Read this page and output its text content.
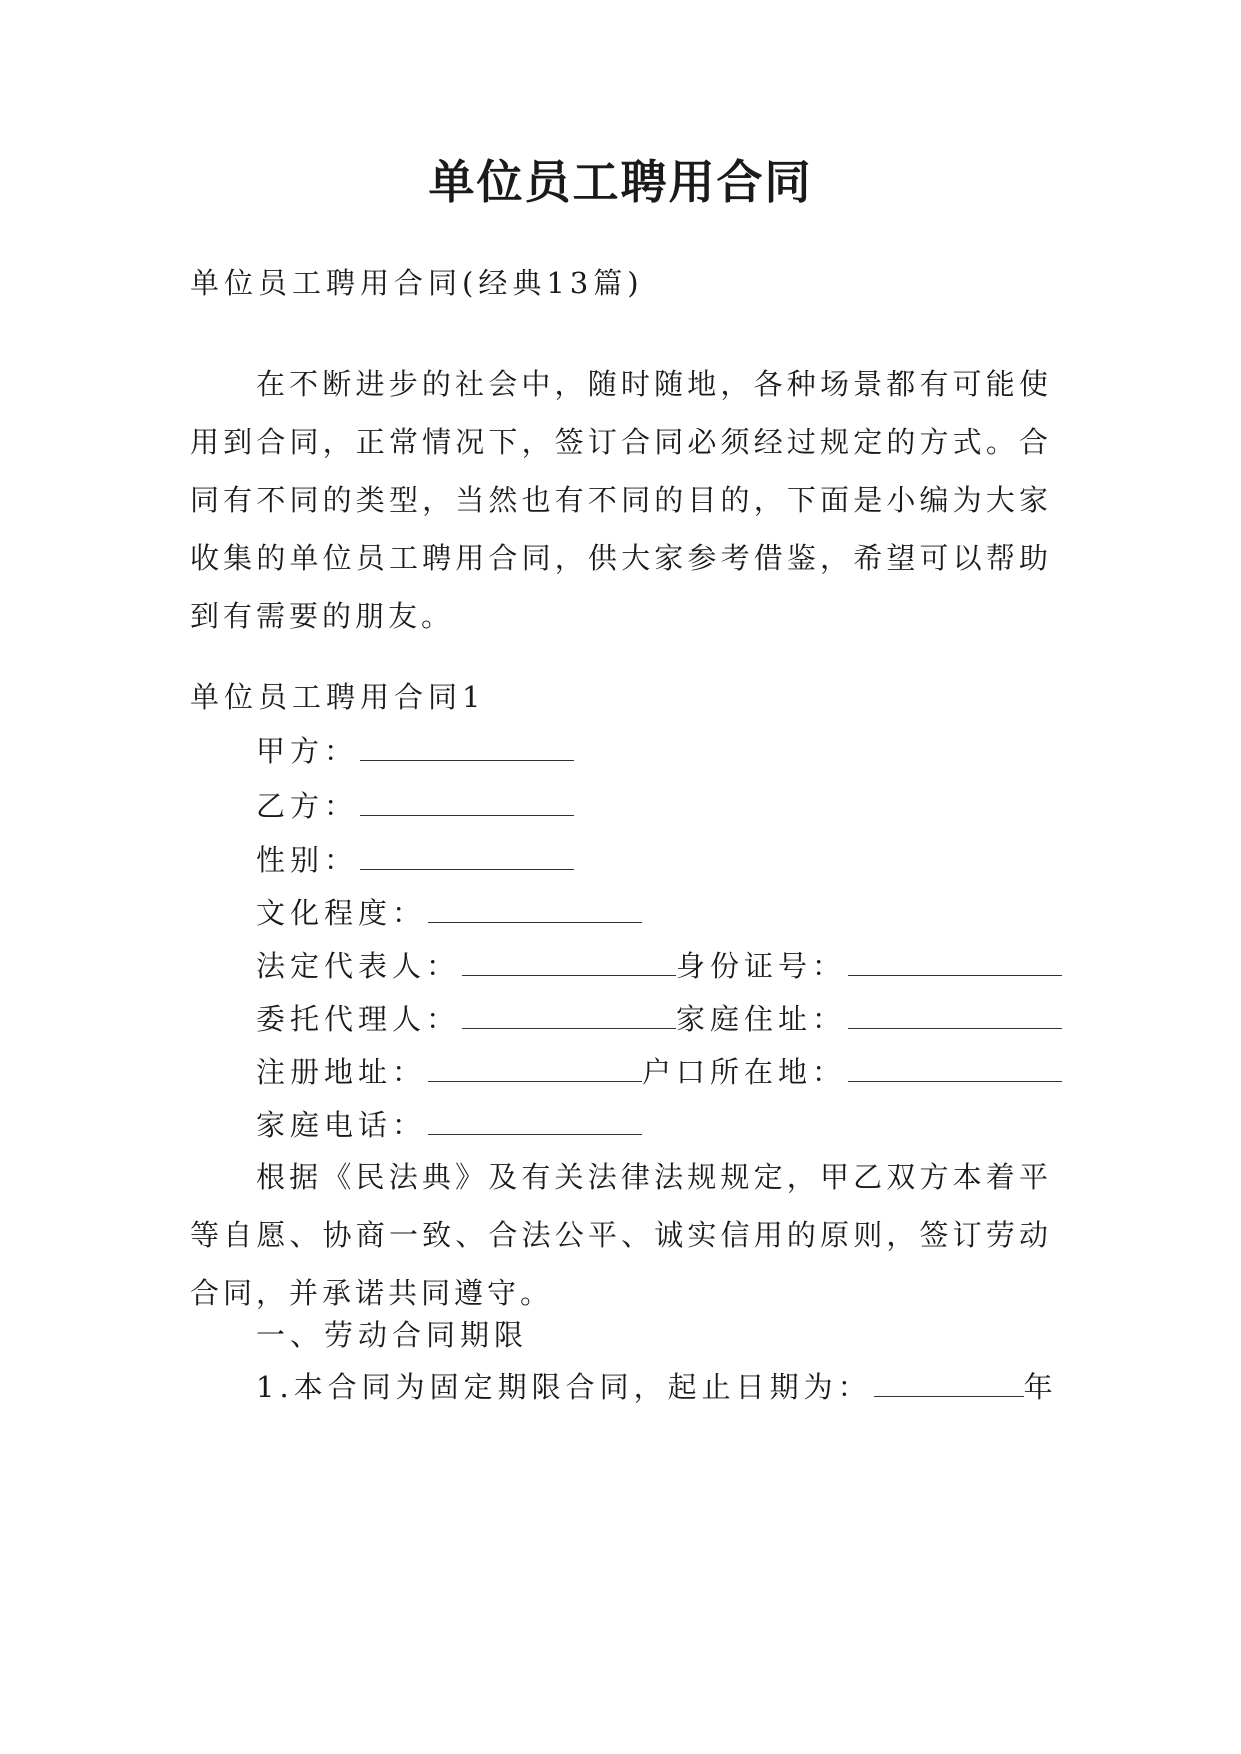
单位员工聘用合同
单位员工聘用合同(经典13篇)
在不断进步的社会中，随时随地，各种场景都有可能使用到合同，正常情况下，签订合同必须经过规定的方式。合同有不同的类型，当然也有不同的目的，下面是小编为大家收集的单位员工聘用合同，供大家参考借鉴，希望可以帮助到有需要的朋友。
单位员工聘用合同1
甲方：
乙方：
性别：
文化程度：
法定代表人：	身份证号：
委托代理人：	家庭住址：
注册地址：	户口所在地：
家庭电话：
根据《民法典》及有关法律法规规定，甲乙双方本着平等自愿、协商一致、合法公平、诚实信用的原则，签订劳动合同，并承诺共同遵守。
一、劳动合同期限
1.本合同为固定期限合同，起止日期为：	年
